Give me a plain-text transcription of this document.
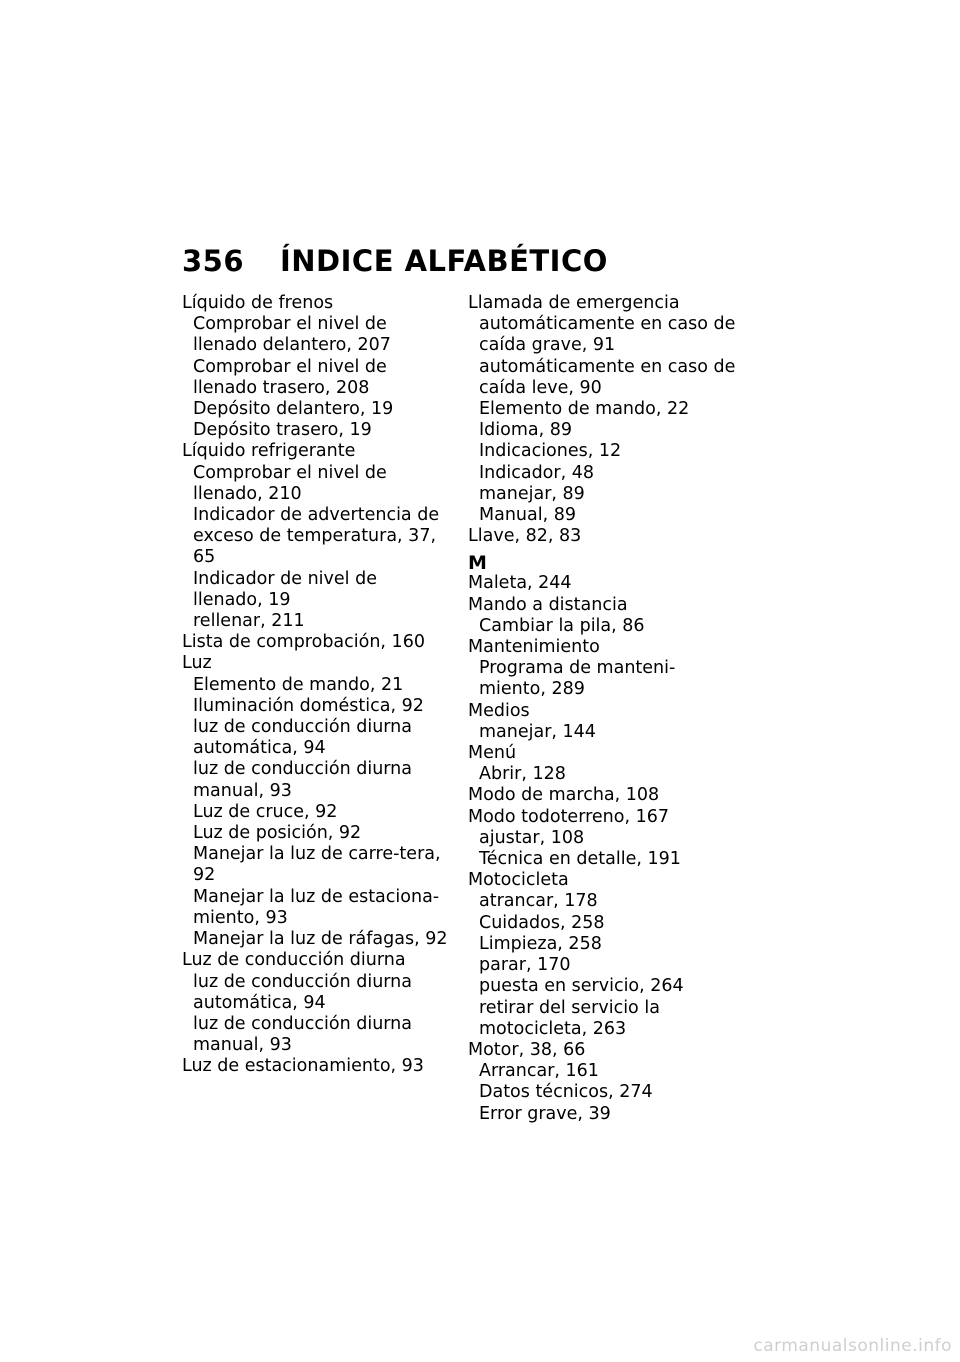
356 ÍNDICE ALFABÉTICO
Líquido de frenos
Comprobar el nivel de llenado delantero, 207
Comprobar el nivel de llenado trasero, 208
Depósito delantero, 19
Depósito trasero, 19
Líquido refrigerante
Comprobar el nivel de llenado, 210
Indicador de advertencia de exceso de temperatura, 37, 65
Indicador de nivel de llenado, 19
rellenar, 211
Lista de comprobación, 160
Luz
Elemento de mando, 21
Iluminación doméstica, 92
luz de conducción diurna automática, 94
luz de conducción diurna manual, 93
Luz de cruce, 92
Luz de posición, 92
Manejar la luz de carre-tera, 92
Manejar la luz de estaciona-miento, 93
Manejar la luz de ráfagas, 92
Luz de conducción diurna
luz de conducción diurna automática, 94
luz de conducción diurna manual, 93
Luz de estacionamiento, 93
Llamada de emergencia
automáticamente en caso de caída grave, 91
automáticamente en caso de caída leve, 90
Elemento de mando, 22
Idioma, 89
Indicaciones, 12
Indicador, 48
manejar, 89
Manual, 89
Llave, 82, 83
M
Maleta, 244
Mando a distancia
Cambiar la pila, 86
Mantenimiento
Programa de manteni-miento, 289
Medios
manejar, 144
Menú
Abrir, 128
Modo de marcha, 108
Modo todoterreno, 167
ajustar, 108
Técnica en detalle, 191
Motocicleta
atrancar, 178
Cuidados, 258
Limpieza, 258
parar, 170
puesta en servicio, 264
retirar del servicio la motocicleta, 263
Motor, 38, 66
Arrancar, 161
Datos técnicos, 274
Error grave, 39
carmanualsonline.info
